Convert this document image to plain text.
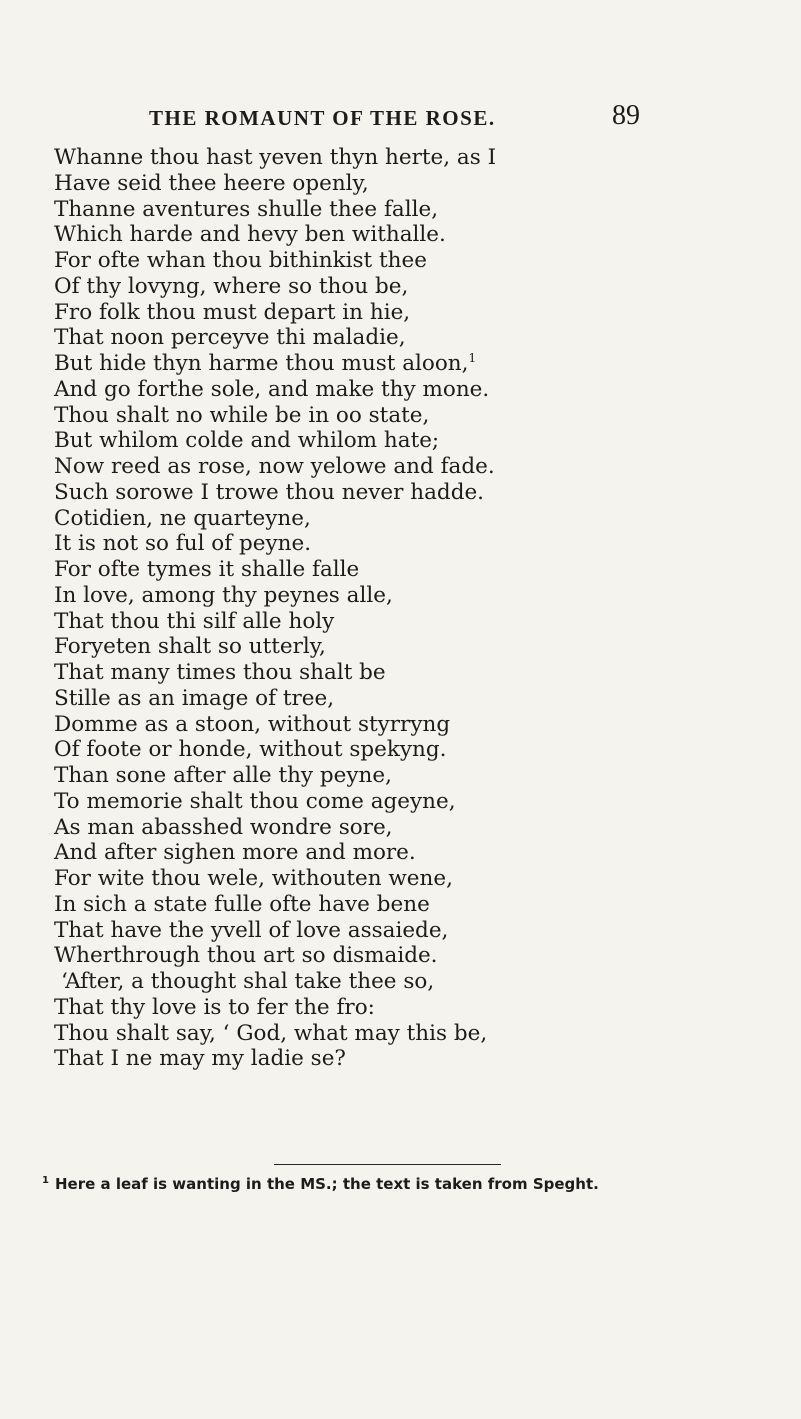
THE ROMAUNT OF THE ROSE.	89
Whanne thou hast yeven thyn herte, as I
Have seid thee heere openly,
Thanne aventures shulle thee falle,
Which harde and hevy ben withalle.
For ofte whan thou bithinkist thee
Of thy lovyng, where so thou be,
Fro folk thou must depart in hie,
That noon perceyve thi maladie,
But hide thyn harme thou must aloon,$^1$
And go forthe sole, and make thy mone.
Thou shalt no while be in oo state,
But whilom colde and whilom hate;
Now reed as rose, now yelowe and fade.
Such sorowe I trowe thou never hadde.
Cotidien, ne quarteyne,
It is not so ful of peyne.
For ofte tymes it shalle falle
In love, among thy peynes alle,
That thou thi silf alle holy
Foryeten shalt so utterly,
That many times thou shalt be
Stille as an image of tree,
Domme as a stoon, without styrryng
Of foote or honde, without spekyng.
Than sone after alle thy peyne,
To memorie shalt thou come ageyne,
As man abasshed wondre sore,
And after sighen more and more.
For wite thou wele, withouten wene,
In sich a state fulle ofte have bene
That have the yvell of love assaiede,
Wherthrough thou art so dismaide.
‘After, a thought shal take thee so,
That thy love is to fer the fro:
Thou shalt say, ‘ God, what may this be,
That I ne may my ladie se?
$^1$ Here a leaf is wanting in the MS.; the text is taken from Speght.
